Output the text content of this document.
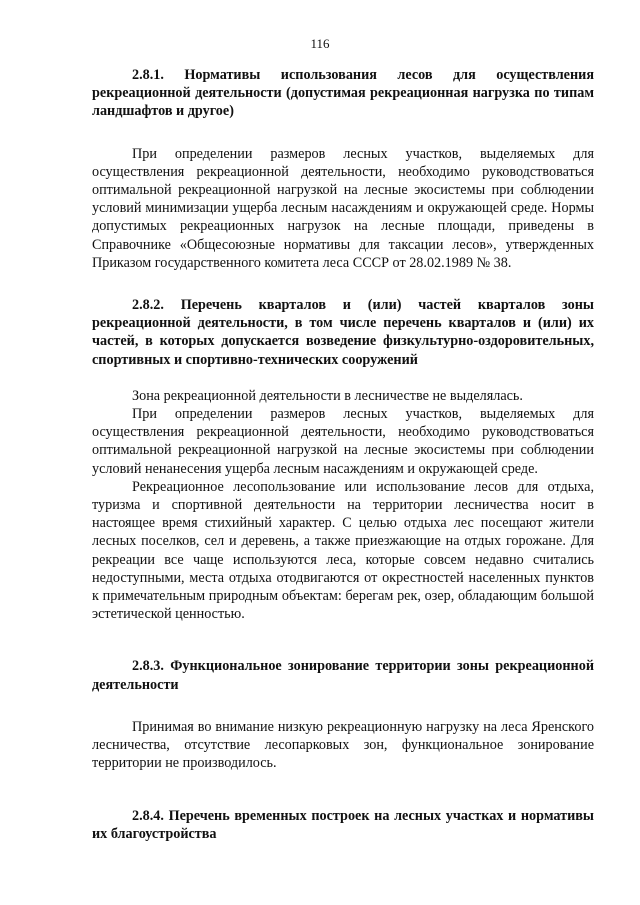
116

2.8.1. Нормативы использования лесов для осуществления рекреационной деятельности (допустимая рекреационная нагрузка по типам ландшафтов и другое)

При определении размеров лесных участков, выделяемых для осуществления рекреационной деятельности, необходимо руководствоваться оптимальной рекреационной нагрузкой на лесные экосистемы при соблюдении условий минимизации ущерба лесным насаждениям и окружающей среде. Нормы допустимых рекреационных нагрузок на лесные площади, приведены в Справочнике «Общесоюзные нормативы для таксации лесов», утвержденных Приказом государственного комитета леса СССР от 28.02.1989 № 38.

2.8.2. Перечень кварталов и (или) частей кварталов зоны рекреационной деятельности, в том числе перечень кварталов и (или) их частей, в которых допускается возведение физкультурно-оздоровительных, спортивных и спортивно-технических сооружений

Зона рекреационной деятельности в лесничестве не выделялась.

При определении размеров лесных участков, выделяемых для осуществления рекреационной деятельности, необходимо руководствоваться оптимальной рекреационной нагрузкой на лесные экосистемы при соблюдении условий ненанесения ущерба лесным насаждениям и окружающей среде.

Рекреационное лесопользование или использование лесов для отдыха, туризма и спортивной деятельности на территории лесничества носит в настоящее время стихийный характер. С целью отдыха лес посещают жители лесных поселков, сел и деревень, а также приезжающие на отдых горожане. Для рекреации все чаще используются леса, которые совсем недавно считались недоступными, места отдыха отодвигаются от окрестностей населенных пунктов к примечательным природным объектам: берегам рек, озер, обладающим большой эстетической ценностью.

2.8.3. Функциональное зонирование территории зоны рекреационной деятельности

Принимая во внимание низкую рекреационную нагрузку на леса Яренского лесничества, отсутствие лесопарковых зон, функциональное зонирование территории не производилось.

2.8.4. Перечень временных построек на лесных участках и нормативы их благоустройства
